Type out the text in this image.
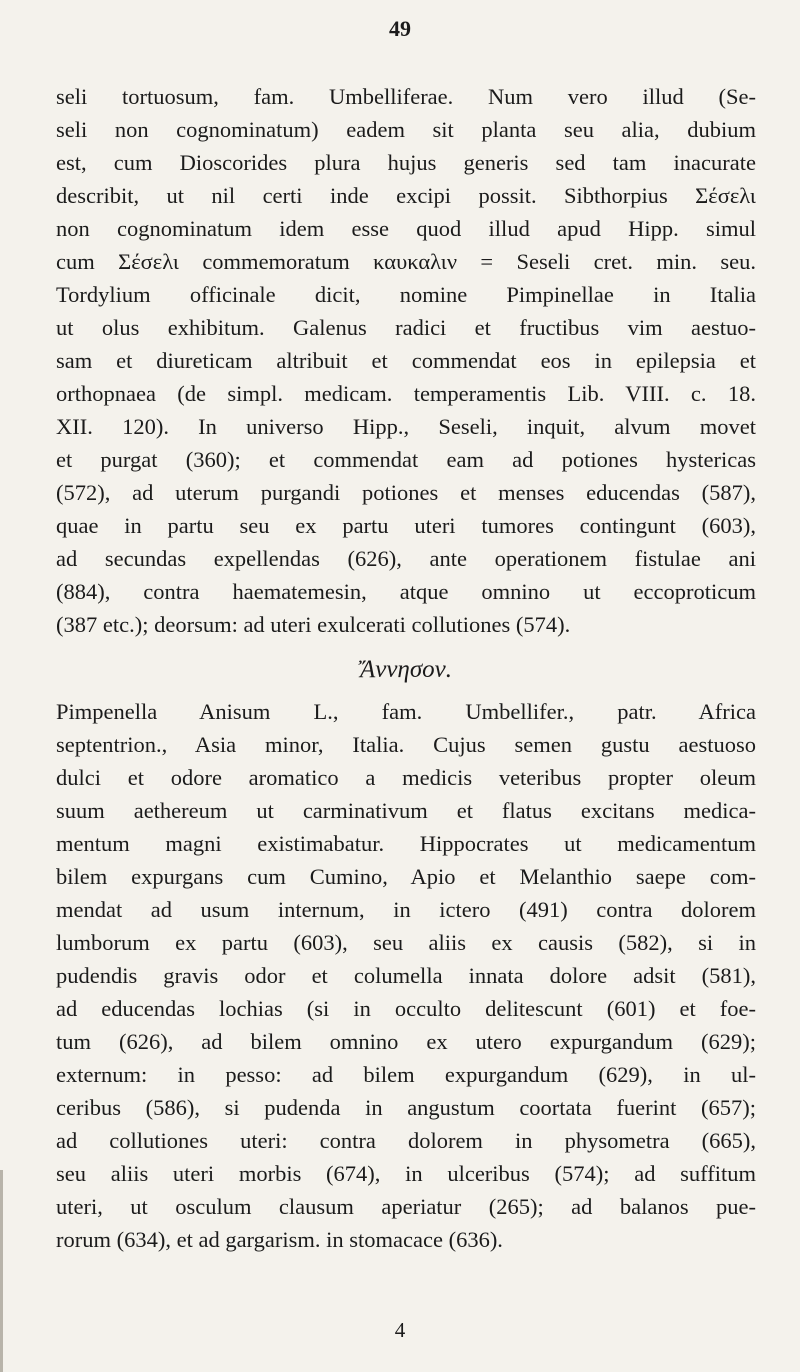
49
seli tortuosum, fam. Umbelliferae. Num vero illud (Se-
seli non cognominatum) eadem sit planta seu alia, dubium
est, cum Dioscorides plura hujus generis sed tam inacurate
describit, ut nil certi inde excipi possit. Sibthorpius Σέσελι
non cognominatum idem esse quod illud apud Hipp. simul
cum Σέσελι commemoratum καυκαλιν = Seseli cret. min. seu.
Tordylium officinale dicit, nomine Pimpinellae in Italia
ut olus exhibitum. Galenus radici et fructibus vim aestuo-
sam et diureticam altribuit et commendat eos in epilepsia et
orthopnaea (de simpl. medicam. temperamentis Lib. VIII. c. 18.
XII. 120). In universo Hipp., Seseli, inquit, alvum movet
et purgat (360); et commendat eam ad potiones hystericas
(572), ad uterum purgandi potiones et menses educendas (587),
quae in partu seu ex partu uteri tumores contingunt (603),
ad secundas expellendas (626), ante operationem fistulae ani
(884), contra haematemesin, atque omnino ut eccoproticum
(387 etc.); deorsum: ad uteri exulcerati collutiones (574).
Ἄννησον.
Pimpenella Anisum L., fam. Umbellifer., patr. Africa
septentrion., Asia minor, Italia. Cujus semen gustu aestuoso
dulci et odore aromatico a medicis veteribus propter oleum
suum aethereum ut carminativum et flatus excitans medica-
mentum magni existimabatur. Hippocrates ut medicamentum
bilem expurgans cum Cumino, Apio et Melanthio saepe com-
mendat ad usum internum, in ictero (491) contra dolorem
lumborum ex partu (603), seu aliis ex causis (582), si in
pudendis gravis odor et columella innata dolore adsit (581),
ad educendas lochias (si in occulto delitescunt (601) et foe-
tum (626), ad bilem omnino ex utero expurgandum (629);
externum: in pesso: ad bilem expurgandum (629), in ul-
ceribus (586), si pudenda in angustum coortata fuerint (657);
ad collutiones uteri: contra dolorem in physometra (665),
seu aliis uteri morbis (674), in ulceribus (574); ad suffitum
uteri, ut osculum clausum aperiatur (265); ad balanos pue-
rorum (634), et ad gargarism. in stomacace (636).
4
